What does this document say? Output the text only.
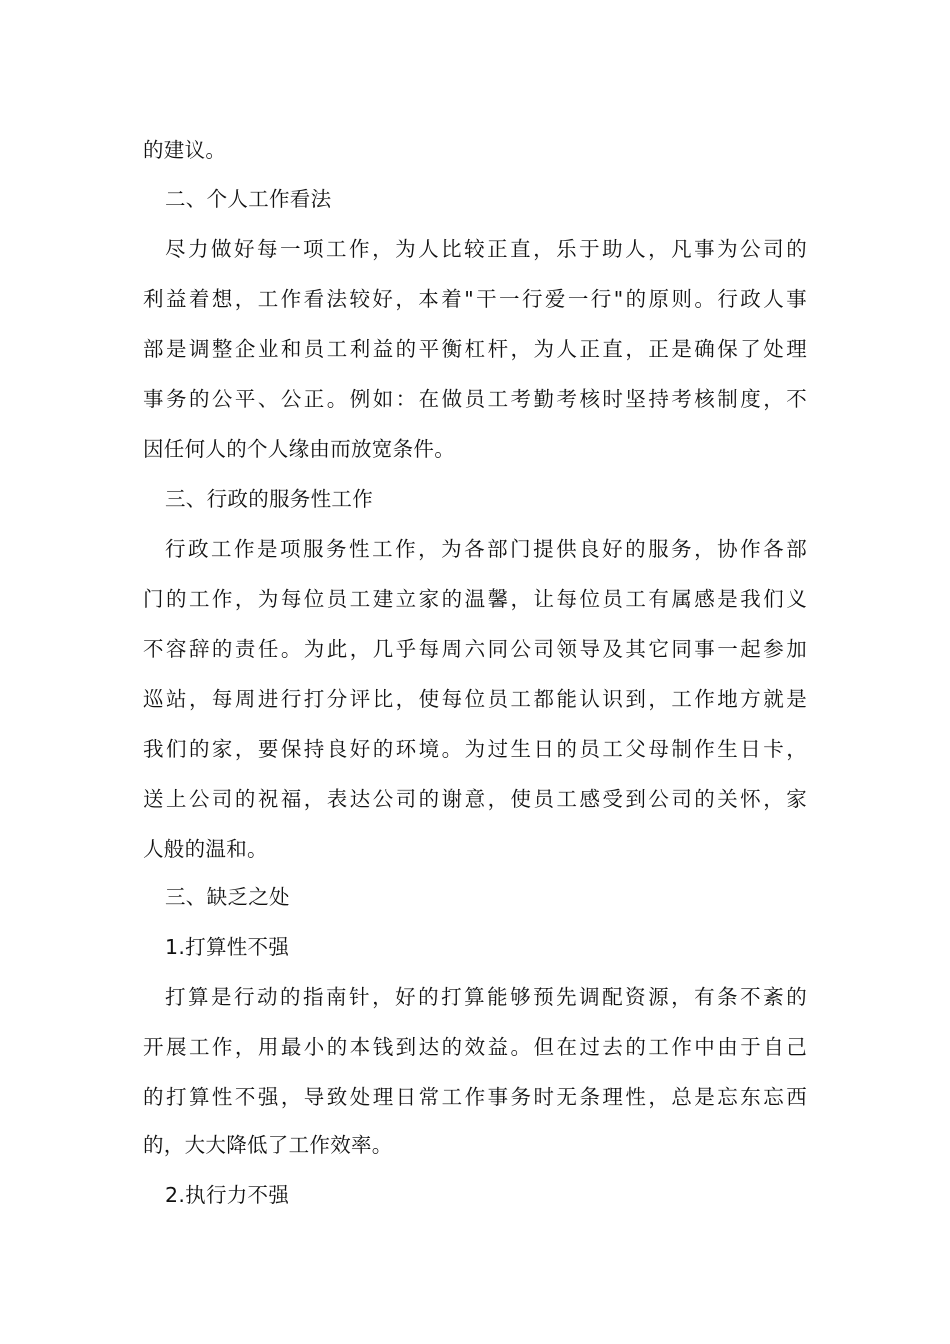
的建议。
二、个人工作看法
尽力做好每一项工作，为人比较正直，乐于助人，凡事为公司的
利益着想，工作看法较好，本着"干一行爱一行"的原则。行政人事
部是调整企业和员工利益的平衡杠杆，为人正直，正是确保了处理
事务的公平、公正。例如：在做员工考勤考核时坚持考核制度，不
因任何人的个人缘由而放宽条件。
三、行政的服务性工作
行政工作是项服务性工作，为各部门提供良好的服务，协作各部
门的工作，为每位员工建立家的温馨，让每位员工有属感是我们义
不容辞的责任。为此，几乎每周六同公司领导及其它同事一起参加
巡站，每周进行打分评比，使每位员工都能认识到，工作地方就是
我们的家，要保持良好的环境。为过生日的员工父母制作生日卡，
送上公司的祝福，表达公司的谢意，使员工感受到公司的关怀，家
人般的温和。
三、缺乏之处
1.打算性不强
打算是行动的指南针，好的打算能够预先调配资源，有条不紊的
开展工作，用最小的本钱到达的效益。但在过去的工作中由于自己
的打算性不强，导致处理日常工作事务时无条理性，总是忘东忘西
的，大大降低了工作效率。
2.执行力不强
